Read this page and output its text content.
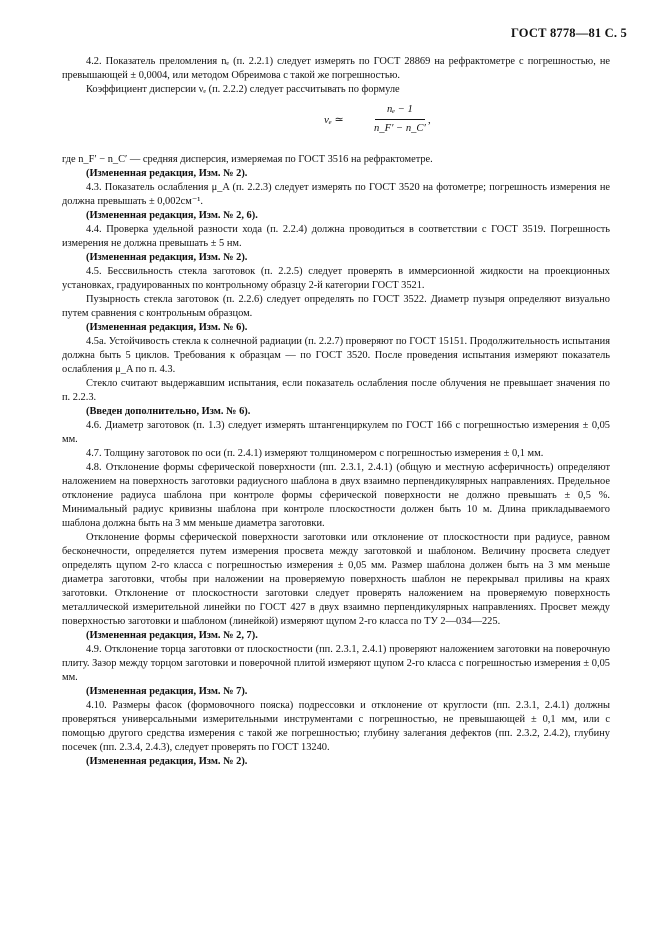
ГОСТ 8778—81 С. 5

4.2. Показатель преломления nₑ (п. 2.2.1) следует измерять по ГОСТ 28869 на рефрактометре с погрешностью, не превышающей ± 0,0004, или методом Обреимова с такой же погрешностью.

Коэффициент дисперсии νₑ (п. 2.2.2) следует рассчитывать по формуле

νₑ ≃
nₑ − 1
n_F′ − n_C′
,

где n_F′ − n_C′ — средняя дисперсия, измеряемая по ГОСТ 3516 на рефрактометре.

(Измененная редакция, Изм. № 2).

4.3. Показатель ослабления μ_A (п. 2.2.3) следует измерять по ГОСТ 3520 на фотометре; погрешность измерения не должна превышать ± 0,002см⁻¹.

(Измененная редакция, Изм. № 2, 6).

4.4. Проверка удельной разности хода (п. 2.2.4) должна проводиться в соответствии с ГОСТ 3519. Погрешность измерения не должна превышать ± 5 нм.

(Измененная редакция, Изм. № 2).

4.5. Бессвильность стекла заготовок (п. 2.2.5) следует проверять в иммерсионной жидкости на проекционных установках, градуированных по контрольному образцу 2-й категории ГОСТ 3521.

Пузырность стекла заготовок (п. 2.2.6) следует определять по ГОСТ 3522. Диаметр пузыря определяют визуально путем сравнения с контрольным образцом.

(Измененная редакция, Изм. № 6).

4.5а. Устойчивость стекла к солнечной радиации (п. 2.2.7) проверяют по ГОСТ 15151. Продолжительность испытания должна быть 5 циклов. Требования к образцам — по ГОСТ 3520. После проведения испытания измеряют показатель ослабления μ_A по п. 4.3.

Стекло считают выдержавшим испытания, если показатель ослабления после облучения не превышает значения по п. 2.2.3.

(Введен дополнительно, Изм. № 6).

4.6. Диаметр заготовок (п. 1.3) следует измерять штангенциркулем по ГОСТ 166 с погрешностью измерения ± 0,05 мм.

4.7. Толщину заготовок по оси (п. 2.4.1) измеряют толщиномером с погрешностью измерения ± 0,1 мм.

4.8. Отклонение формы сферической поверхности (пп. 2.3.1, 2.4.1) (общую и местную асферичность) определяют наложением на поверхность заготовки радиусного шаблона в двух взаимно перпендикулярных направлениях. Предельное отклонение радиуса шаблона при контроле формы сферической поверхности не должно превышать ± 0,5 %. Минимальный радиус кривизны шаблона при контроле плоскостности должен быть 10 м. Длина прикладываемого шаблона должна быть на 3 мм меньше диаметра заготовки.

Отклонение формы сферической поверхности заготовки или отклонение от плоскостности при радиусе, равном бесконечности, определяется путем измерения просвета между заготовкой и шаблоном. Величину просвета следует определять щупом 2-го класса с погрешностью измерения ± 0,05 мм. Размер шаблона должен быть на 3 мм меньше диаметра заготовки, чтобы при наложении на проверяемую поверхность шаблон не перекрывал приливы на краях заготовки. Отклонение от плоскостности заготовки следует проверять наложением на проверяемую поверхность металлической измерительной линейки по ГОСТ 427 в двух взаимно перпендикулярных направлениях. Просвет между поверхностью заготовки и шаблоном (линейкой) измеряют щупом 2-го класса по ТУ 2—034—225.

(Измененная редакция, Изм. № 2, 7).

4.9. Отклонение торца заготовки от плоскостности (пп. 2.3.1, 2.4.1) проверяют наложением заготовки на поверочную плиту. Зазор между торцом заготовки и поверочной плитой измеряют щупом 2-го класса с погрешностью измерения ± 0,05 мм.

(Измененная редакция, Изм. № 7).

4.10. Размеры фасок (формовочного пояска) подрессовки и отклонение от круглости (пп. 2.3.1, 2.4.1) должны проверяться универсальными измерительными инструментами с погрешностью, не превышающей ± 0,1 мм, или с помощью другого средства измерения с такой же погрешностью; глубину залегания дефектов (пп. 2.3.2, 2.4.2), глубину посечек (пп. 2.3.4, 2.4.3), следует проверять по ГОСТ 13240.

(Измененная редакция, Изм. № 2).
